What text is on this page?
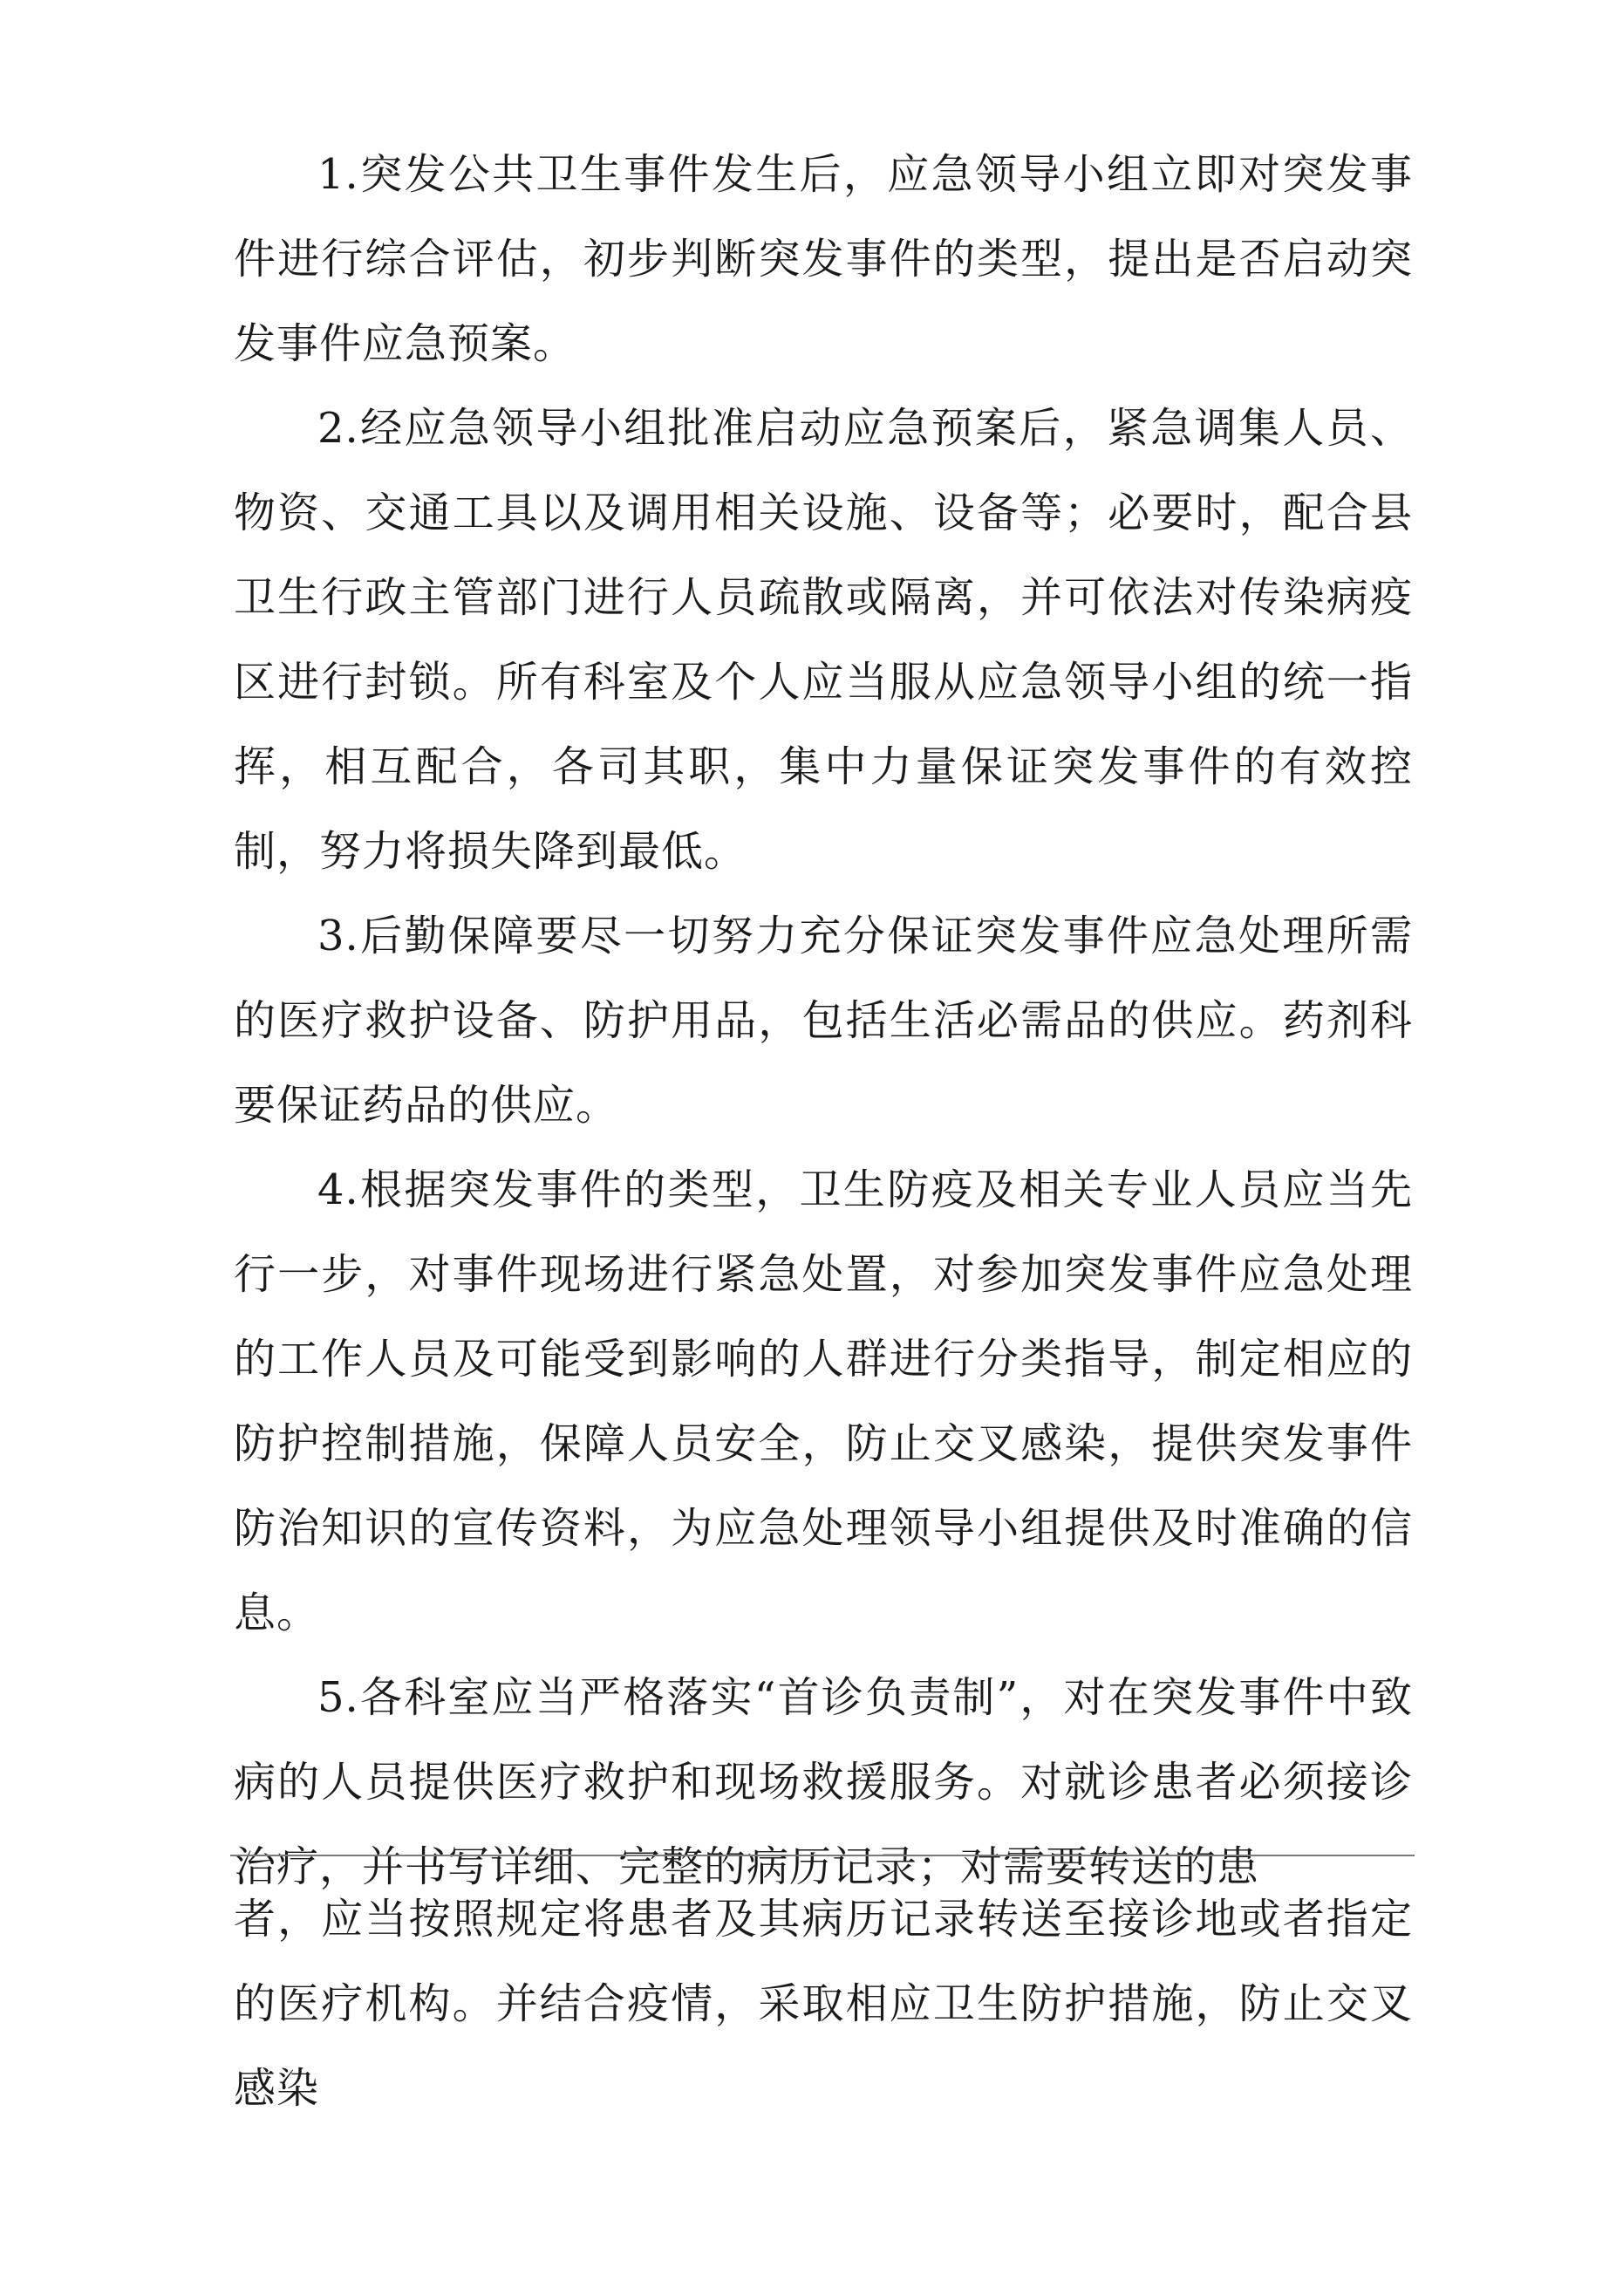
1.突发公共卫生事件发生后，应急领导小组立即对突发事件进行综合评估，初步判断突发事件的类型，提出是否启动突发事件应急预案。

2.经应急领导小组批准启动应急预案后，紧急调集人员、物资、交通工具以及调用相关设施、设备等；必要时，配合县卫生行政主管部门进行人员疏散或隔离，并可依法对传染病疫区进行封锁。所有科室及个人应当服从应急领导小组的统一指挥，相互配合，各司其职，集中力量保证突发事件的有效控制，努力将损失降到最低。

3.后勤保障要尽一切努力充分保证突发事件应急处理所需的医疗救护设备、防护用品，包括生活必需品的供应。药剂科要保证药品的供应。

4.根据突发事件的类型，卫生防疫及相关专业人员应当先行一步，对事件现场进行紧急处置，对参加突发事件应急处理的工作人员及可能受到影响的人群进行分类指导，制定相应的防护控制措施，保障人员安全，防止交叉感染，提供突发事件防治知识的宣传资料，为应急处理领导小组提供及时准确的信息。

5.各科室应当严格落实“首诊负责制”，对在突发事件中致病的人员提供医疗救护和现场救援服务。对就诊患者必须接诊治疗，并书写详细、完整的病历记录；对需要转送的患

者，应当按照规定将患者及其病历记录转送至接诊地或者指定的医疗机构。并结合疫情，采取相应卫生防护措施，防止交叉感染
